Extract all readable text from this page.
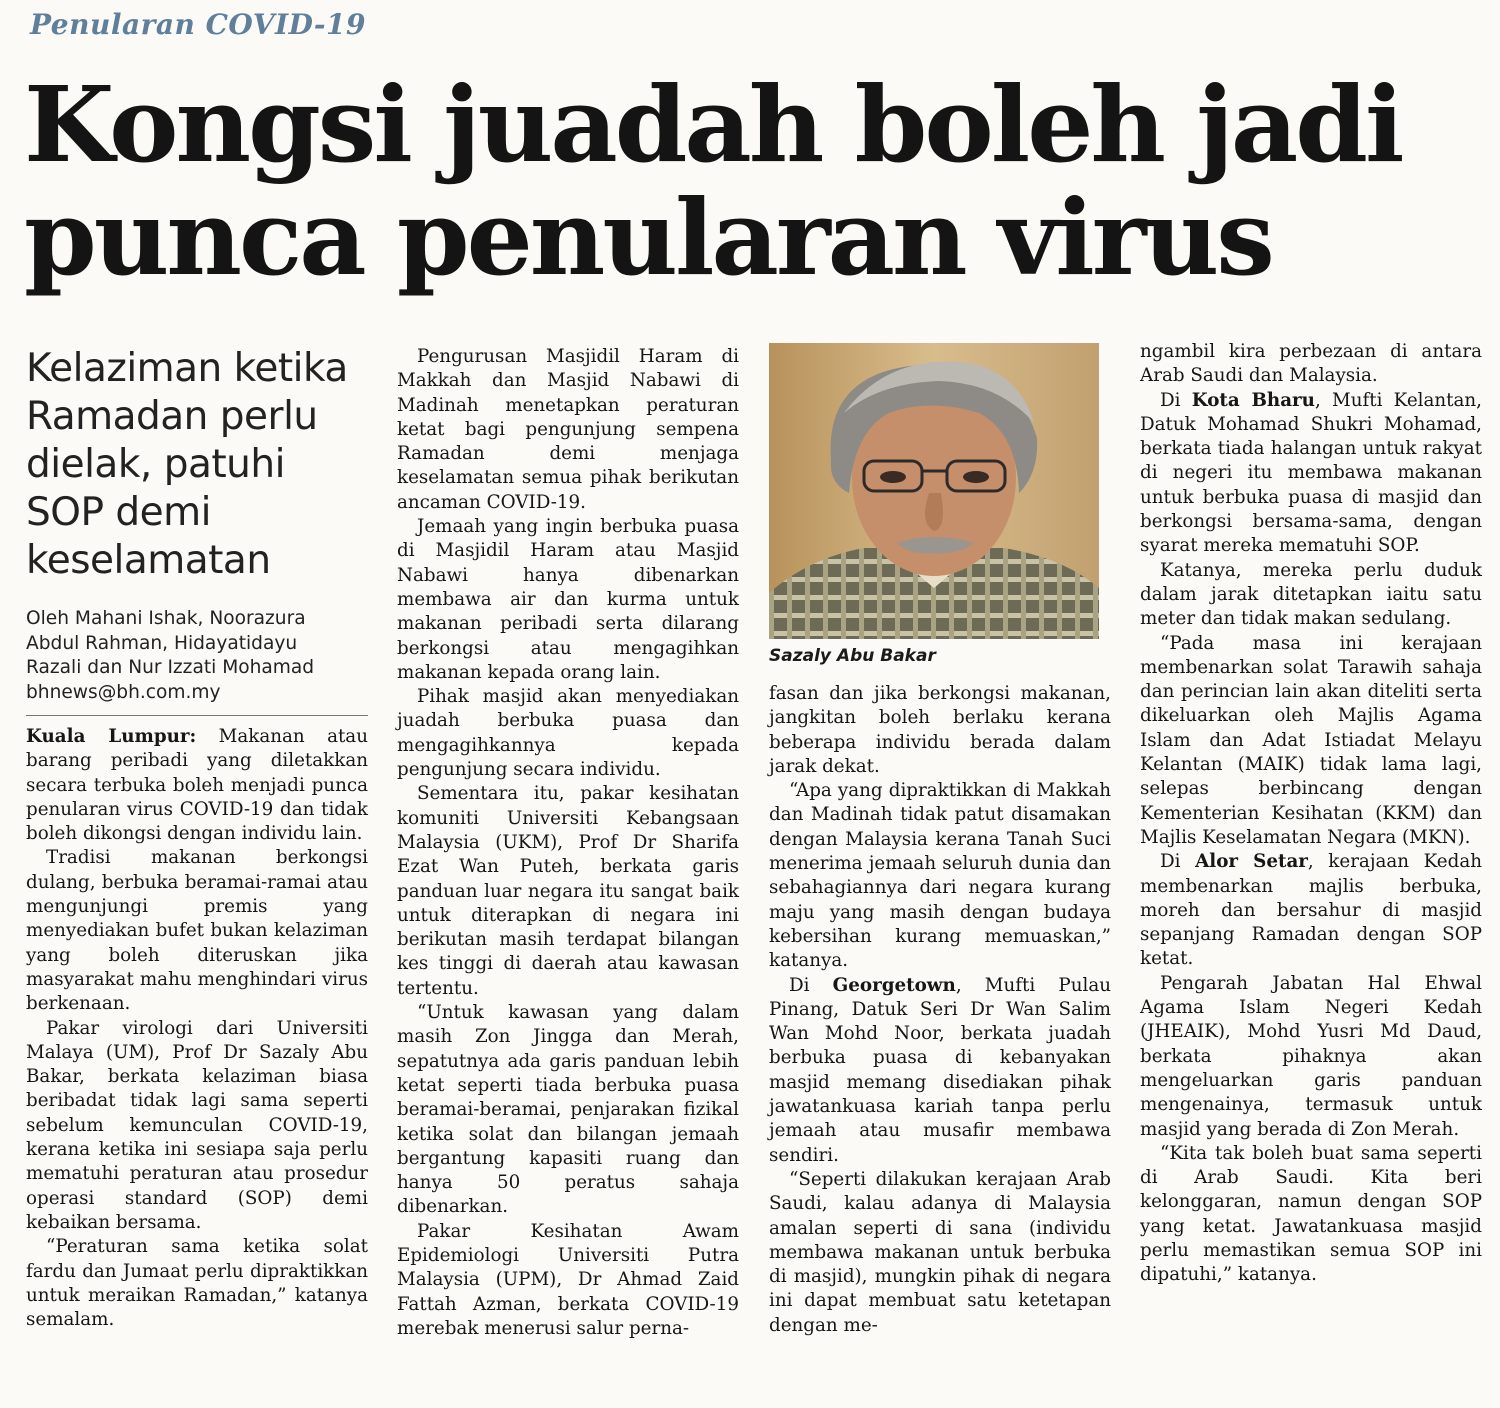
Penularan COVID-19
Kongsi juadah boleh jadi
punca penularan virus
Kelaziman ketika
Ramadan perlu
dielak, patuhi
SOP demi
keselamatan
Oleh Mahani Ishak, Noorazura
Abdul Rahman, Hidayatidayu
Razali dan Nur Izzati Mohamad
bhnews@bh.com.my

Kuala Lumpur: Makanan atau barang peribadi yang diletakkan secara terbuka boleh menjadi punca penularan virus COVID-19 dan tidak boleh dikongsi dengan individu lain.

Tradisi makanan berkongsi dulang, berbuka beramai-ramai atau mengunjungi premis yang menyediakan bufet bukan kelaziman yang boleh diteruskan jika masyarakat mahu menghindari virus berkenaan.

Pakar virologi dari Universiti Malaya (UM), Prof Dr Sazaly Abu Bakar, berkata kelaziman biasa beribadat tidak lagi sama seperti sebelum kemunculan COVID-19, kerana ketika ini sesiapa saja perlu mematuhi peraturan atau prosedur operasi standard (SOP) demi kebaikan bersama.

“Peraturan sama ketika solat fardu dan Jumaat perlu dipraktikkan untuk meraikan Ramadan,” katanya semalam.

Pengurusan Masjidil Haram di Makkah dan Masjid Nabawi di Madinah menetapkan peraturan ketat bagi pengunjung sempena Ramadan demi menjaga keselamatan semua pihak berikutan ancaman COVID-19.

Jemaah yang ingin berbuka puasa di Masjidil Haram atau Masjid Nabawi hanya dibenarkan membawa air dan kurma untuk makanan peribadi serta dilarang berkongsi atau mengagihkan makanan kepada orang lain.

Pihak masjid akan menyediakan juadah berbuka puasa dan mengagihkannya kepada pengunjung secara individu.

Sementara itu, pakar kesihatan komuniti Universiti Kebangsaan Malaysia (UKM), Prof Dr Sharifa Ezat Wan Puteh, berkata garis panduan luar negara itu sangat baik untuk diterapkan di negara ini berikutan masih terdapat bilangan kes tinggi di daerah atau kawasan tertentu.

“Untuk kawasan yang dalam masih Zon Jingga dan Merah, sepatutnya ada garis panduan lebih ketat seperti tiada berbuka puasa beramai-beramai, penjarakan fizikal ketika solat dan bilangan jemaah bergantung kapasiti ruang dan hanya 50 peratus sahaja dibenarkan.

Pakar Kesihatan Awam Epidemiologi Universiti Putra Malaysia (UPM), Dr Ahmad Zaid Fattah Azman, berkata COVID-19 merebak menerusi salur perna-

Sazaly Abu Bakar

fasan dan jika berkongsi makanan, jangkitan boleh berlaku kerana beberapa individu berada dalam jarak dekat.

“Apa yang dipraktikkan di Makkah dan Madinah tidak patut disamakan dengan Malaysia kerana Tanah Suci menerima jemaah seluruh dunia dan sebahagiannya dari negara kurang maju yang masih dengan budaya kebersihan kurang memuaskan,” katanya.

Di Georgetown, Mufti Pulau Pinang, Datuk Seri Dr Wan Salim Wan Mohd Noor, berkata juadah berbuka puasa di kebanyakan masjid memang disediakan pihak jawatankuasa kariah tanpa perlu jemaah atau musafir membawa sendiri.

“Seperti dilakukan kerajaan Arab Saudi, kalau adanya di Malaysia amalan seperti di sana (individu membawa makanan untuk berbuka di masjid), mungkin pihak di negara ini dapat membuat satu ketetapan dengan me-

ngambil kira perbezaan di antara Arab Saudi dan Malaysia.

Di Kota Bharu, Mufti Kelantan, Datuk Mohamad Shukri Mohamad, berkata tiada halangan untuk rakyat di negeri itu membawa makanan untuk berbuka puasa di masjid dan berkongsi bersama-sama, dengan syarat mereka mematuhi SOP.

Katanya, mereka perlu duduk dalam jarak ditetapkan iaitu satu meter dan tidak makan sedulang.

“Pada masa ini kerajaan membenarkan solat Tarawih sahaja dan perincian lain akan diteliti serta dikeluarkan oleh Majlis Agama Islam dan Adat Istiadat Melayu Kelantan (MAIK) tidak lama lagi, selepas berbincang dengan Kementerian Kesihatan (KKM) dan Majlis Keselamatan Negara (MKN).

Di Alor Setar, kerajaan Kedah membenarkan majlis berbuka, moreh dan bersahur di masjid sepanjang Ramadan dengan SOP ketat.

Pengarah Jabatan Hal Ehwal Agama Islam Negeri Kedah (JHEAIK), Mohd Yusri Md Daud, berkata pihaknya akan mengeluarkan garis panduan mengenainya, termasuk untuk masjid yang berada di Zon Merah.

“Kita tak boleh buat sama seperti di Arab Saudi. Kita beri kelonggaran, namun dengan SOP yang ketat. Jawatankuasa masjid perlu memastikan semua SOP ini dipatuhi,” katanya.
